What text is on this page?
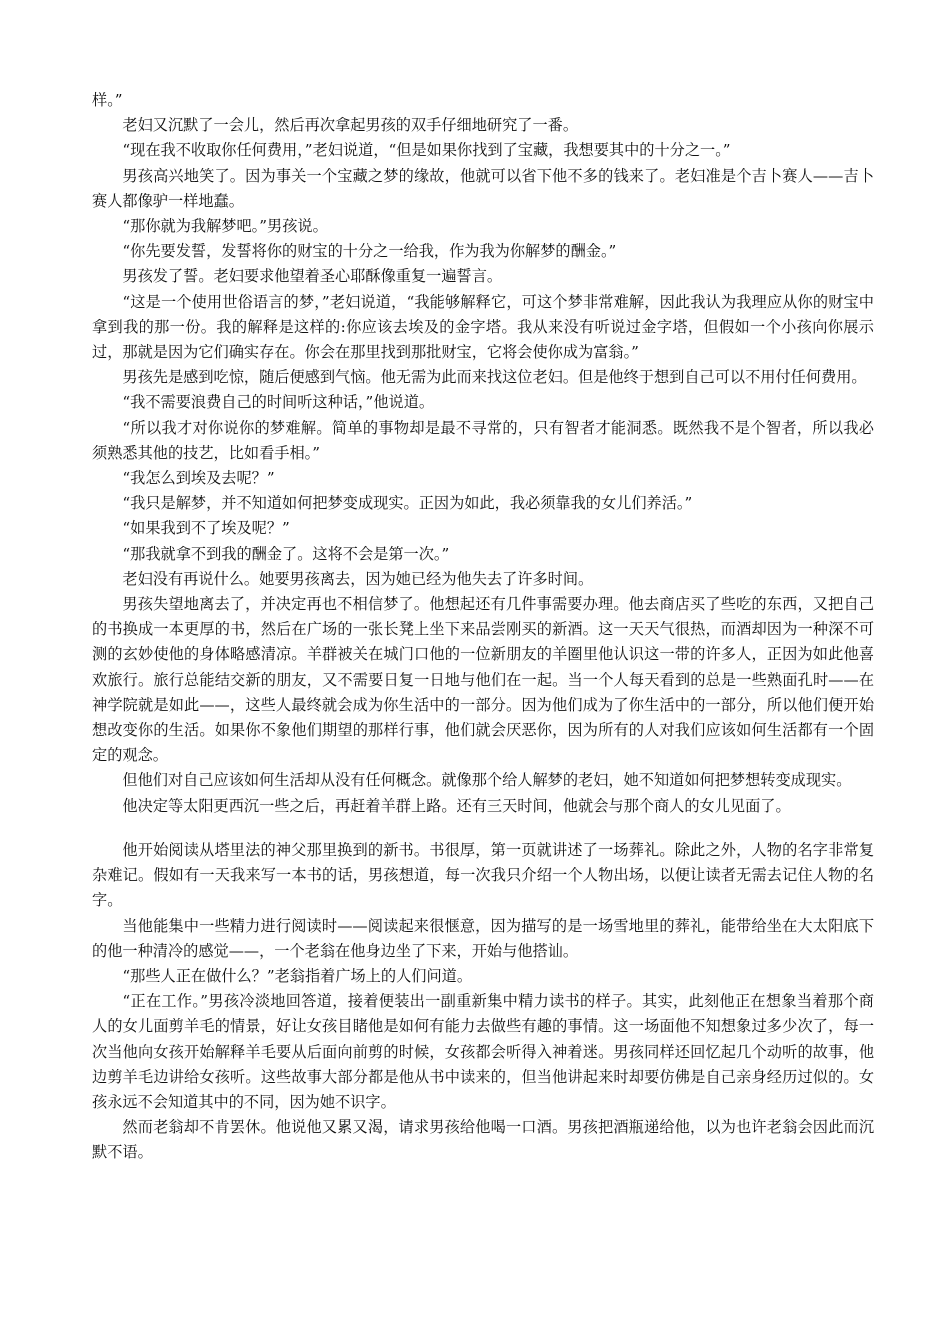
样。”

老妇又沉默了一会儿，然后再次拿起男孩的双手仔细地研究了一番。

“现在我不收取你任何费用，”老妇说道，“但是如果你找到了宝藏，我想要其中的十分之一。”

男孩高兴地笑了。因为事关一个宝藏之梦的缘故，他就可以省下他不多的钱来了。老妇准是个吉卜赛人——吉卜赛人都像驴一样地蠢。

“那你就为我解梦吧。”男孩说。

“你先要发誓，发誓将你的财宝的十分之一给我，作为我为你解梦的酬金。”

男孩发了誓。老妇要求他望着圣心耶酥像重复一遍誓言。

“这是一个使用世俗语言的梦，”老妇说道，“我能够解释它，可这个梦非常难解，因此我认为我理应从你的财宝中拿到我的那一份。我的解释是这样的:你应该去埃及的金字塔。我从来没有听说过金字塔，但假如一个小孩向你展示过，那就是因为它们确实存在。你会在那里找到那批财宝，它将会使你成为富翁。”

男孩先是感到吃惊，随后便感到气恼。他无需为此而来找这位老妇。但是他终于想到自己可以不用付任何费用。

“我不需要浪费自己的时间听这种话，”他说道。

“所以我才对你说你的梦难解。简单的事物却是最不寻常的，只有智者才能洞悉。既然我不是个智者，所以我必须熟悉其他的技艺，比如看手相。”

“我怎么到埃及去呢？”

“我只是解梦，并不知道如何把梦变成现实。正因为如此，我必须靠我的女儿们养活。”

“如果我到不了埃及呢？”

“那我就拿不到我的酬金了。这将不会是第一次。”

老妇没有再说什么。她要男孩离去，因为她已经为他失去了许多时间。

男孩失望地离去了，并决定再也不相信梦了。他想起还有几件事需要办理。他去商店买了些吃的东西，又把自己的书换成一本更厚的书，然后在广场的一张长凳上坐下来品尝刚买的新酒。这一天天气很热，而酒却因为一种深不可测的玄妙使他的身体略感清凉。羊群被关在城门口他的一位新朋友的羊圈里他认识这一带的许多人，正因为如此他喜欢旅行。旅行总能结交新的朋友，又不需要日复一日地与他们在一起。当一个人每天看到的总是一些熟面孔时——在神学院就是如此——，这些人最终就会成为你生活中的一部分。因为他们成为了你生活中的一部分，所以他们便开始想改变你的生活。如果你不象他们期望的那样行事，他们就会厌恶你，因为所有的人对我们应该如何生活都有一个固定的观念。

但他们对自己应该如何生活却从没有任何概念。就像那个给人解梦的老妇，她不知道如何把梦想转变成现实。

他决定等太阳更西沉一些之后，再赶着羊群上路。还有三天时间，他就会与那个商人的女儿见面了。

他开始阅读从塔里法的神父那里换到的新书。书很厚，第一页就讲述了一场葬礼。除此之外，人物的名字非常复杂难记。假如有一天我来写一本书的话，男孩想道，每一次我只介绍一个人物出场，以便让读者无需去记住人物的名字。

当他能集中一些精力进行阅读时——阅读起来很惬意，因为描写的是一场雪地里的葬礼，能带给坐在大太阳底下的他一种清冷的感觉——，一个老翁在他身边坐了下来，开始与他搭讪。

“那些人正在做什么？”老翁指着广场上的人们问道。

“正在工作。”男孩冷淡地回答道，接着便装出一副重新集中精力读书的样子。其实，此刻他正在想象当着那个商人的女儿面剪羊毛的情景，好让女孩目睹他是如何有能力去做些有趣的事情。这一场面他不知想象过多少次了，每一次当他向女孩开始解释羊毛要从后面向前剪的时候，女孩都会听得入神着迷。男孩同样还回忆起几个动听的故事，他边剪羊毛边讲给女孩听。这些故事大部分都是他从书中读来的，但当他讲起来时却要仿佛是自己亲身经历过似的。女孩永远不会知道其中的不同，因为她不识字。

然而老翁却不肯罢休。他说他又累又渴，请求男孩给他喝一口酒。男孩把酒瓶递给他，以为也许老翁会因此而沉默不语。
